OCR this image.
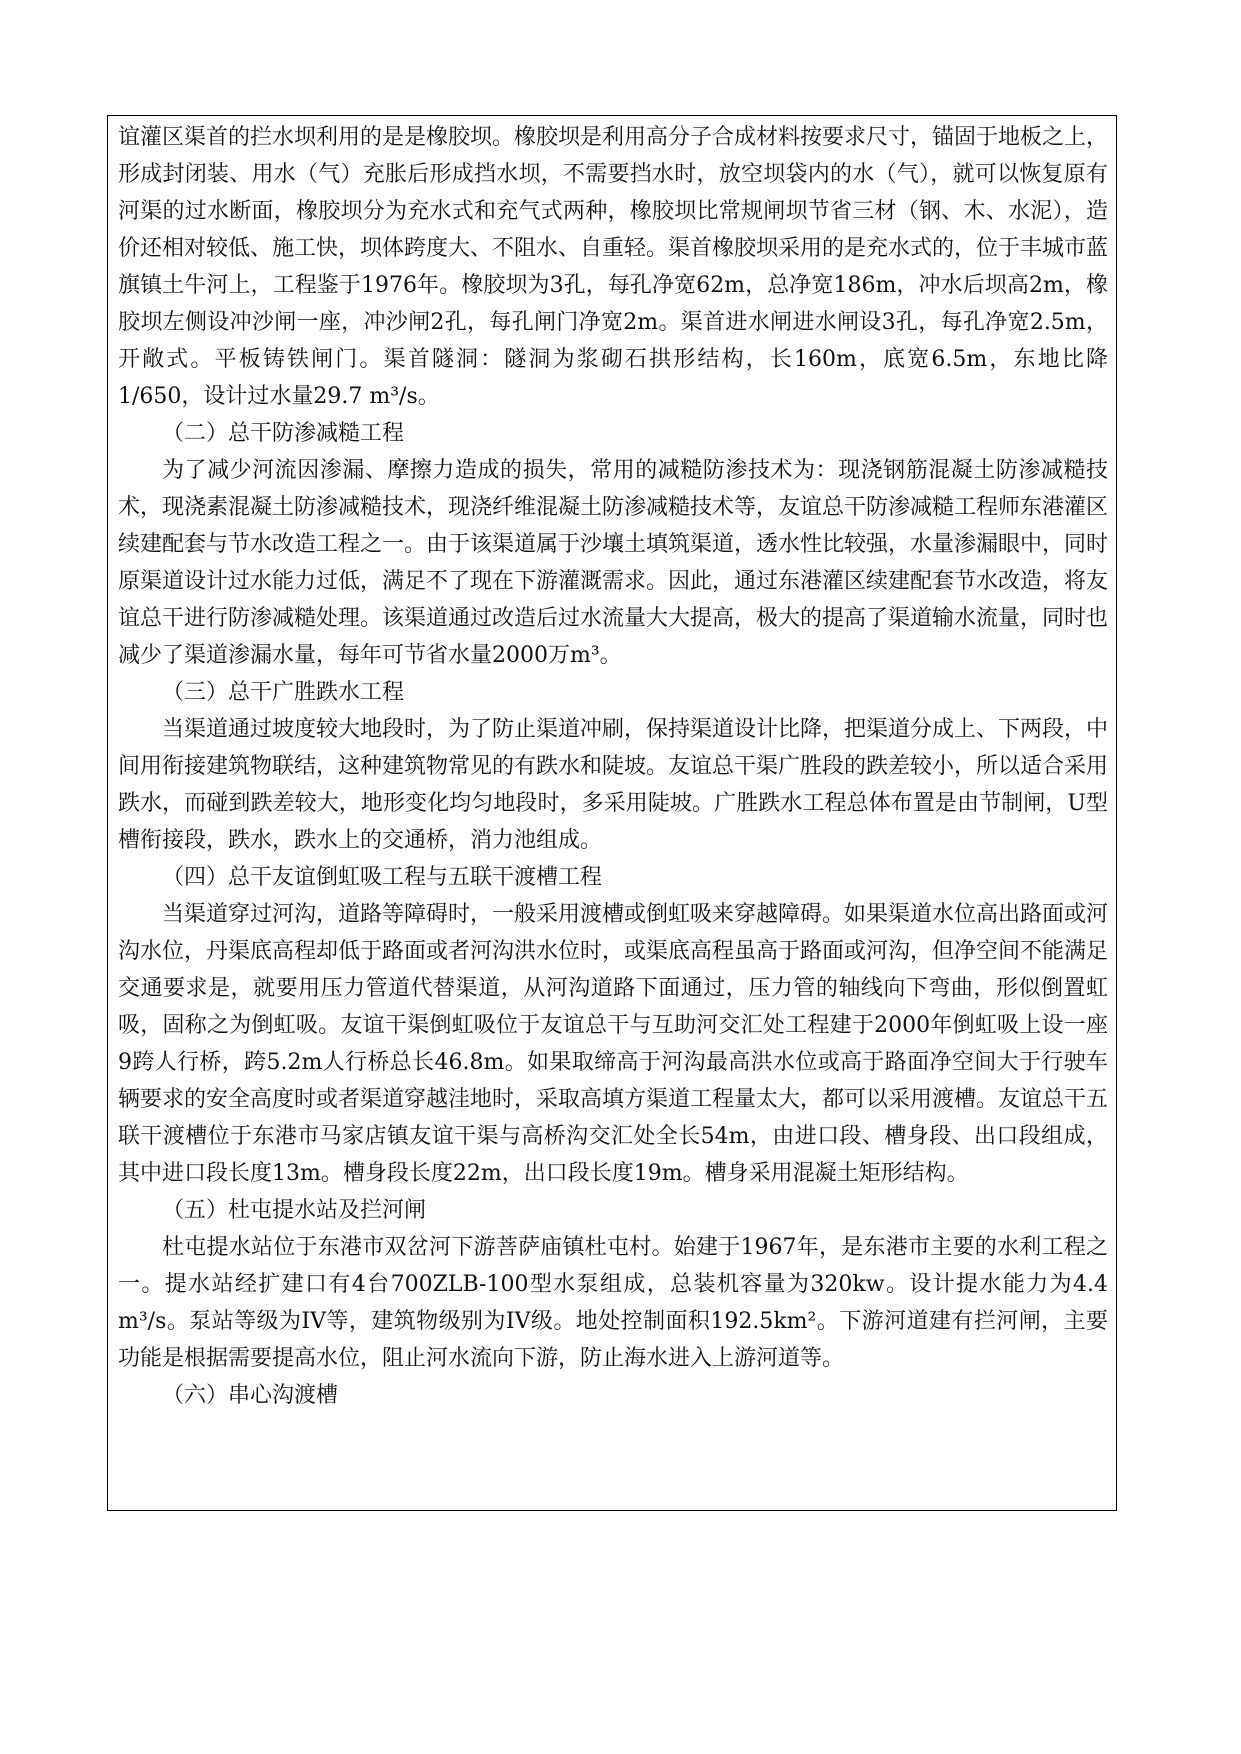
谊灌区渠首的拦水坝利用的是是橡胶坝。橡胶坝是利用高分子合成材料按要求尺寸，锚固于地板之上，形成封闭装、用水（气）充胀后形成挡水坝，不需要挡水时，放空坝袋内的水（气），就可以恢复原有河渠的过水断面，橡胶坝分为充水式和充气式两种，橡胶坝比常规闸坝节省三材（钢、木、水泥），造价还相对较低、施工快，坝体跨度大、不阻水、自重轻。渠首橡胶坝采用的是充水式的，位于丰城市蓝旗镇土牛河上，工程鉴于1976年。橡胶坝为3孔，每孔净宽62m，总净宽186m，冲水后坝高2m，橡胶坝左侧设冲沙闸一座，冲沙闸2孔，每孔闸门净宽2m。渠首进水闸进水闸设3孔，每孔净宽2.5m，开敞式。平板铸铁闸门。渠首隧洞：隧洞为浆砌石拱形结构，长160m，底宽6.5m，东地比降1/650，设计过水量29.7 m³/s。

（二）总干防渗减糙工程

为了减少河流因渗漏、摩擦力造成的损失，常用的减糙防渗技术为：现浇钢筋混凝土防渗减糙技术，现浇素混凝土防渗减糙技术，现浇纤维混凝土防渗减糙技术等，友谊总干防渗减糙工程师东港灌区续建配套与节水改造工程之一。由于该渠道属于沙壤土填筑渠道，透水性比较强，水量渗漏眼中，同时原渠道设计过水能力过低，满足不了现在下游灌溉需求。因此，通过东港灌区续建配套节水改造，将友谊总干进行防渗减糙处理。该渠道通过改造后过水流量大大提高，极大的提高了渠道输水流量，同时也减少了渠道渗漏水量，每年可节省水量2000万m³。

（三）总干广胜跌水工程

当渠道通过坡度较大地段时，为了防止渠道冲刷，保持渠道设计比降，把渠道分成上、下两段，中间用衔接建筑物联结，这种建筑物常见的有跌水和陡坡。友谊总干渠广胜段的跌差较小，所以适合采用跌水，而碰到跌差较大，地形变化均匀地段时，多采用陡坡。广胜跌水工程总体布置是由节制闸，U型槽衔接段，跌水，跌水上的交通桥，消力池组成。

（四）总干友谊倒虹吸工程与五联干渡槽工程

当渠道穿过河沟，道路等障碍时，一般采用渡槽或倒虹吸来穿越障碍。如果渠道水位高出路面或河沟水位，丹渠底高程却低于路面或者河沟洪水位时，或渠底高程虽高于路面或河沟，但净空间不能满足交通要求是，就要用压力管道代替渠道，从河沟道路下面通过，压力管的轴线向下弯曲，形似倒置虹吸，固称之为倒虹吸。友谊干渠倒虹吸位于友谊总干与互助河交汇处工程建于2000年倒虹吸上设一座9跨人行桥，跨5.2m人行桥总长46.8m。如果取缔高于河沟最高洪水位或高于路面净空间大于行驶车辆要求的安全高度时或者渠道穿越洼地时，采取高填方渠道工程量太大，都可以采用渡槽。友谊总干五联干渡槽位于东港市马家店镇友谊干渠与高桥沟交汇处全长54m，由进口段、槽身段、出口段组成，其中进口段长度13m。槽身段长度22m，出口段长度19m。槽身采用混凝土矩形结构。

（五）杜屯提水站及拦河闸

杜屯提水站位于东港市双岔河下游菩萨庙镇杜屯村。始建于1967年，是东港市主要的水利工程之一。提水站经扩建口有4台700ZLB-100型水泵组成，总装机容量为320kw。设计提水能力为4.4 m³/s。泵站等级为IV等，建筑物级别为IV级。地处控制面积192.5km²。下游河道建有拦河闸，主要功能是根据需要提高水位，阻止河水流向下游，防止海水进入上游河道等。

（六）串心沟渡槽
